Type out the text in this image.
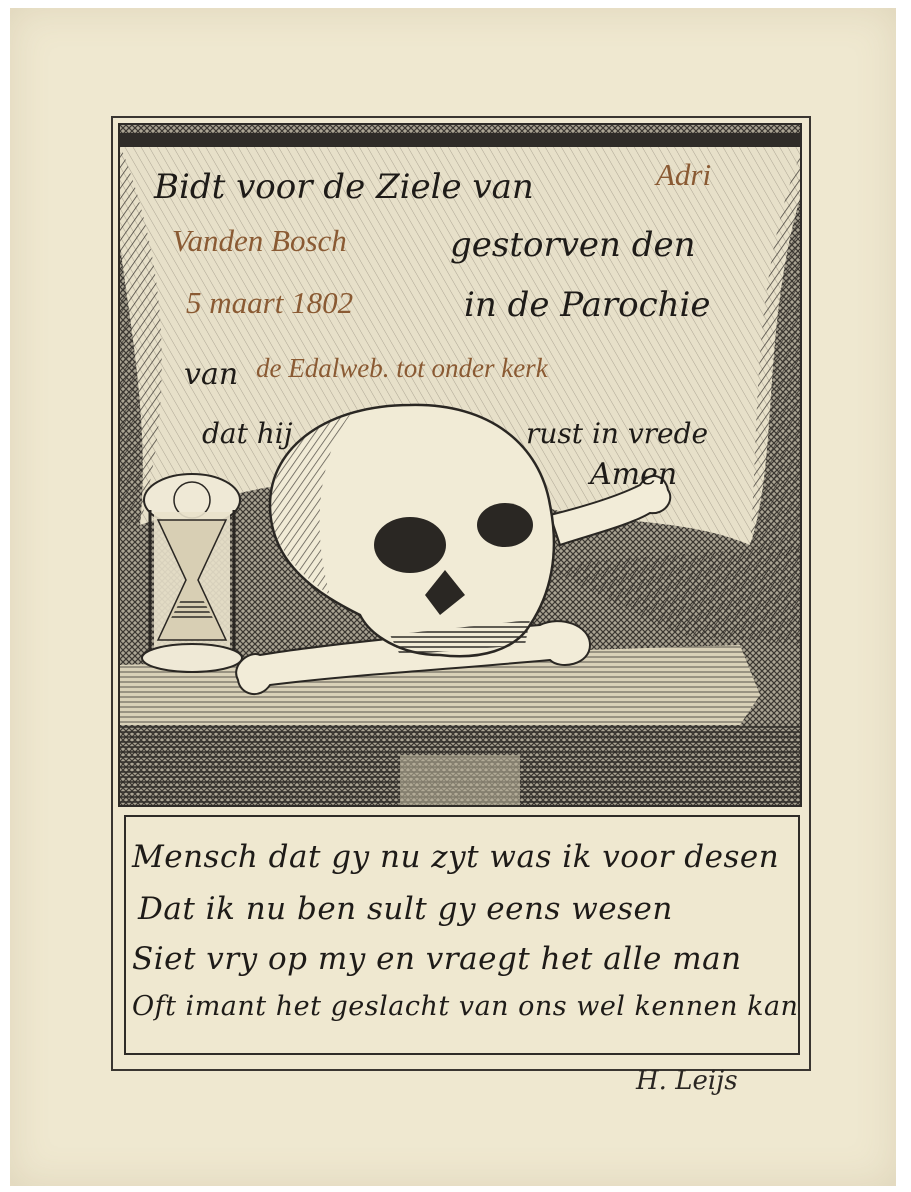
Bidt voor de Ziele van	Adri
Vanden Bosch	gestorven den
5 maart 1802	in de Parochie
van de Edalweb. tot onder kerk
dat hij	rust in vrede
Amen
Mensch dat gy nu zyt was ik voor desen
Dat ik nu ben sult gy eens wesen
Siet vry op my en vraegt het alle man
Oft imant het geslacht van ons wel kennen kan
H. Leijs
